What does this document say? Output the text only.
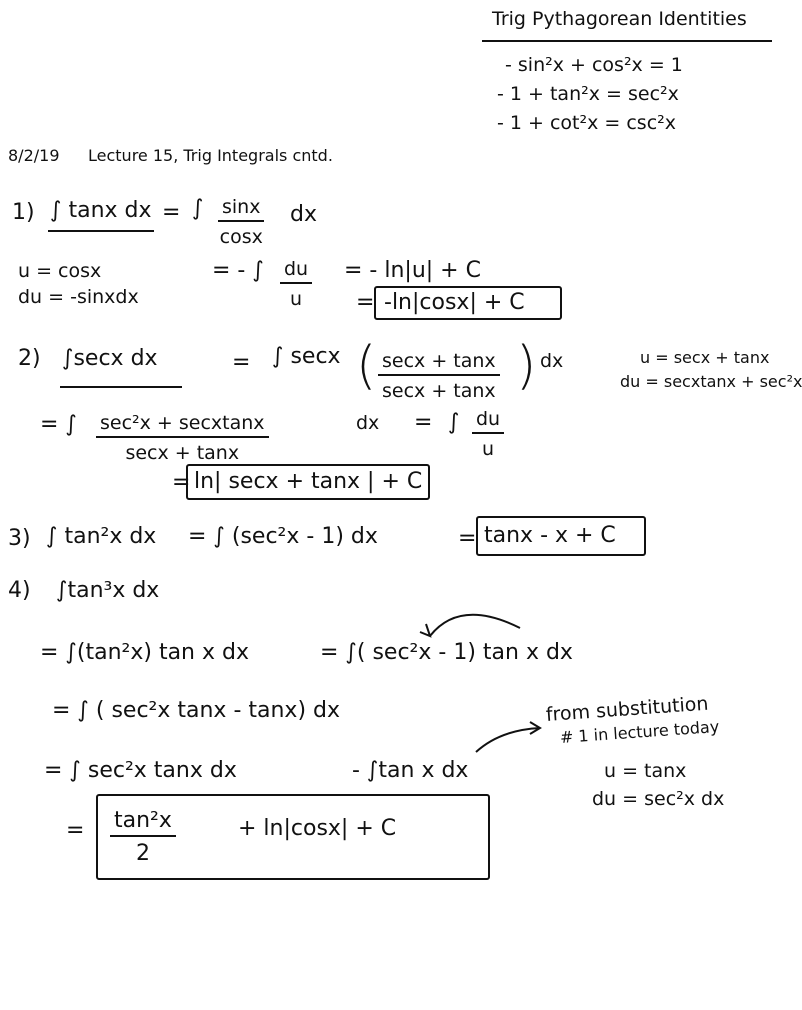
Trig Pythagorean Identities
- sin²x + cos²x = 1
- 1 + tan²x = sec²x
- 1 + cot²x = csc²x
8/2/19 Lecture 15, Trig Integrals cntd.
1) ∫ tanx dx = ∫ $\frac{\sin x}{\cos x}$ dx
u = cosx
du = -sinxdx
= - ∫ $\frac{du}{u}$ = - ln|u| + C
= -ln|cosx| + C
2) ∫secx dx	= ∫ secx ( secx + tanx
secx + tanx ) dx	u = secx + tanx
du = secxtanx + sec²x
= ∫ sec²x + secxtanx
secx + tanx
dx = ∫ $\frac{du}{u}$
= ln| secx + tanx | + C
3) ∫ tan²x dx = ∫ (sec²x - 1) dx	= tanx - x + C
4) ∫tan³x dx
= ∫(tan²x) tan x dx	= ∫( sec²x - 1) tan x dx
= ∫ ( sec²x tanx - tanx) dx
= ∫ sec²x tanx dx	- ∫tan x dx
from substitution
# 1 in lecture today
u = tanx
du = sec²x dx
= $\frac{\text{tan²x}}{2}$	+ ln|cosx| + C
